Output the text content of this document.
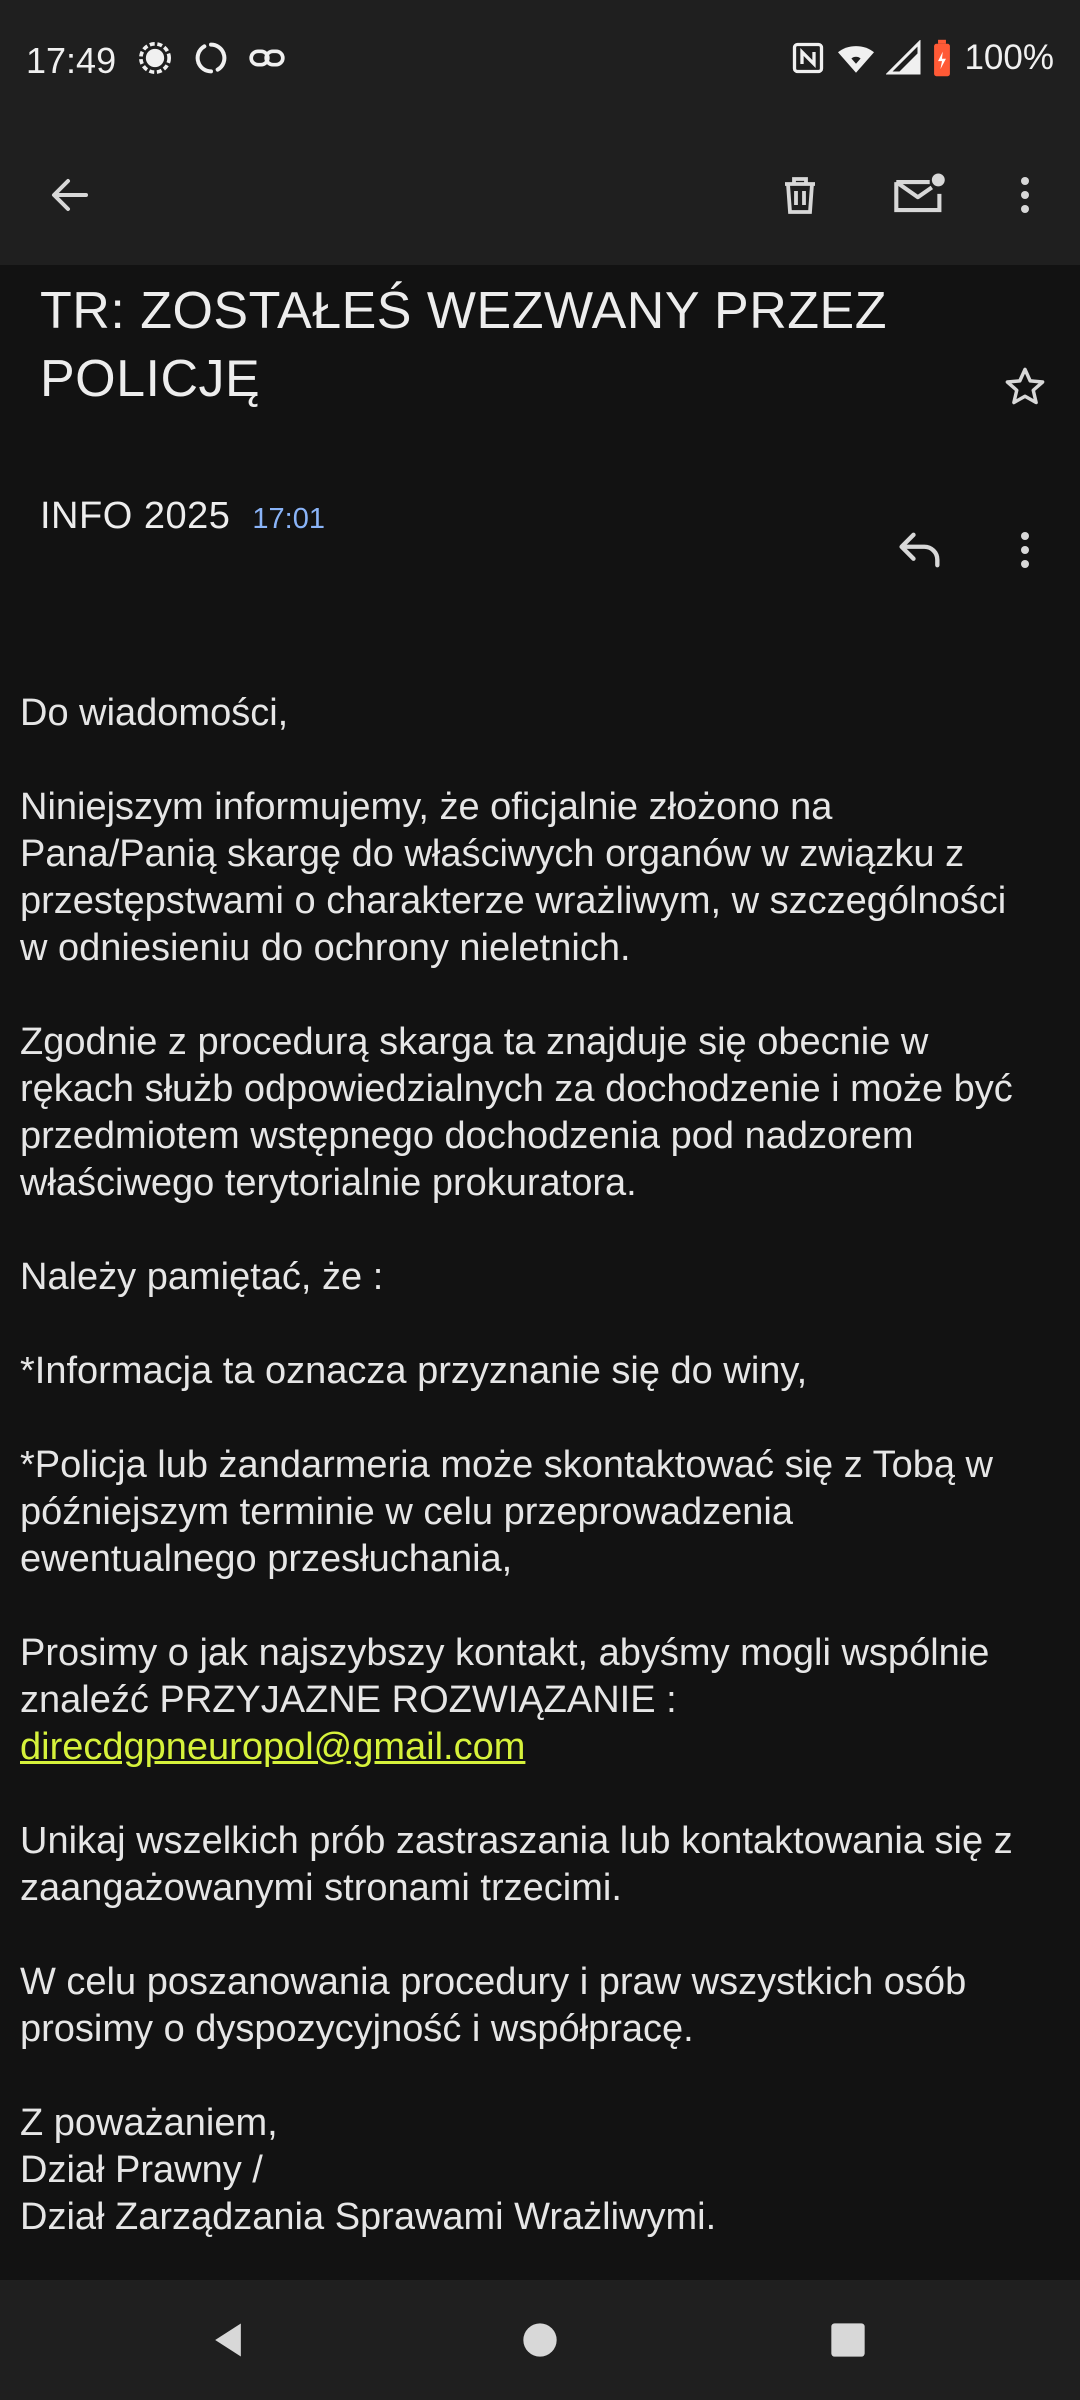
17:49	100%
TR: ZOSTAŁEŚ WEZWANY PRZEZ
POLICJĘ
INFO 2025 17:01

Do wiadomości,

Niniejszym informujemy, że oficjalnie złożono na
Pana/Panią skargę do właściwych organów w związku z
przestępstwami o charakterze wrażliwym, w szczególności
w odniesieniu do ochrony nieletnich.

Zgodnie z procedurą skarga ta znajduje się obecnie w
rękach służb odpowiedzialnych za dochodzenie i może być
przedmiotem wstępnego dochodzenia pod nadzorem
właściwego terytorialnie prokuratora.

Należy pamiętać, że :

*Informacja ta oznacza przyznanie się do winy,

*Policja lub żandarmeria może skontaktować się z Tobą w
późniejszym terminie w celu przeprowadzenia
ewentualnego przesłuchania,

Prosimy o jak najszybszy kontakt, abyśmy mogli wspólnie
znaleźć PRZYJAZNE ROZWIĄZANIE :
direcdgpneuropol@gmail.com

Unikaj wszelkich prób zastraszania lub kontaktowania się z
zaangażowanymi stronami trzecimi.

W celu poszanowania procedury i praw wszystkich osób
prosimy o dyspozycyjność i współpracę.

Z poważaniem,
Dział Prawny /
Dział Zarządzania Sprawami Wrażliwymi.
